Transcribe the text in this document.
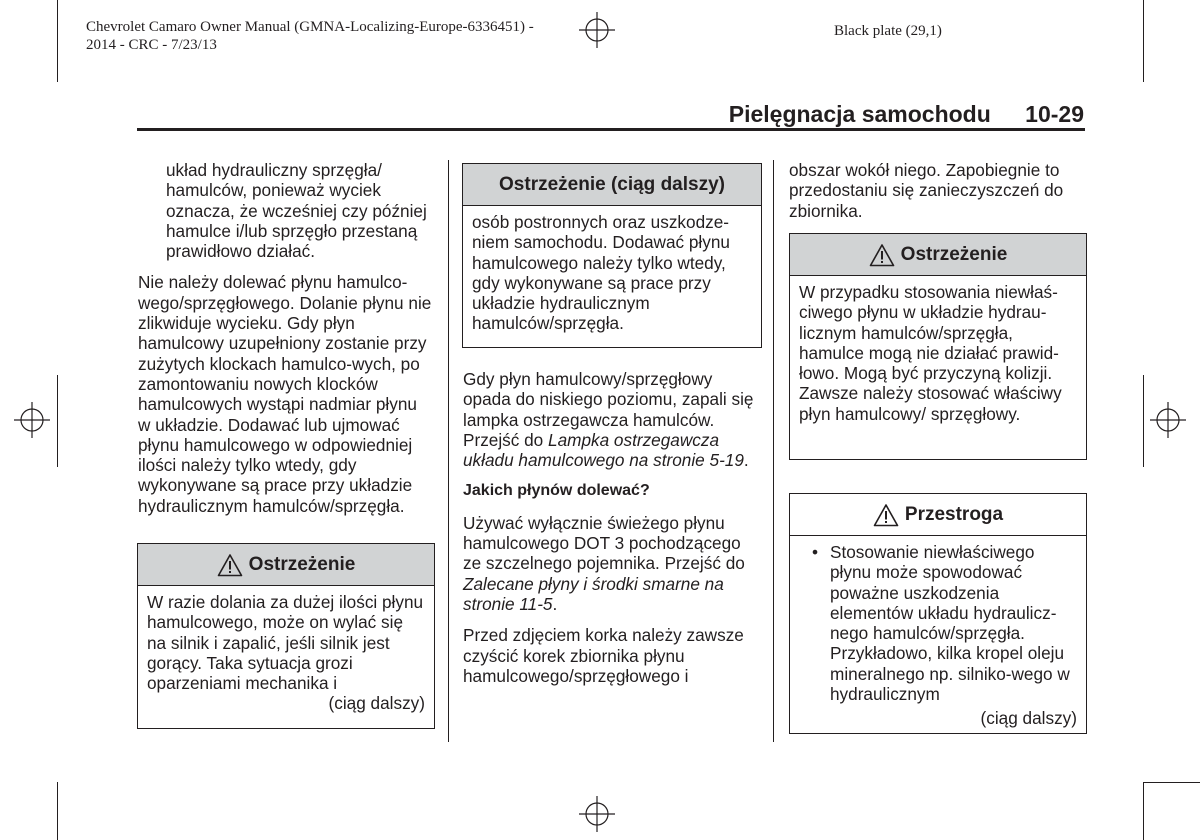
Chevrolet Camaro Owner Manual (GMNA-Localizing-Europe-6336451) -
2014 - CRC - 7/23/13
Black plate (29,1)
Pielęgnacja samochodu 10-29

układ hydrauliczny sprzęgła/ hamulców, ponieważ wyciek oznacza, że wcześniej czy później hamulce i/lub sprzęgło przestaną prawidłowo działać.

Nie należy dolewać płynu hamulco-wego/sprzęgłowego. Dolanie płynu nie zlikwiduje wycieku. Gdy płyn hamulcowy uzupełniony zostanie przy zużytych klockach hamulco-wych, po zamontowaniu nowych klocków hamulcowych wystąpi nadmiar płynu w układzie. Dodawać lub ujmować płynu hamulcowego w odpowiedniej ilości należy tylko wtedy, gdy wykonywane są prace przy układzie hydraulicznym hamulców/sprzęgła.

Ostrzeżenie
W razie dolania za dużej ilości płynu hamulcowego, może on wylać się na silnik i zapalić, jeśli silnik jest gorący. Taka sytuacja grozi oparzeniami mechanika i
(ciąg dalszy)
Ostrzeżenie (ciąg dalszy)
osób postronnych oraz uszkodze-niem samochodu. Dodawać płynu hamulcowego należy tylko wtedy, gdy wykonywane są prace przy układzie hydraulicznym hamulców/sprzęgła.

Gdy płyn hamulcowy/sprzęgłowy opada do niskiego poziomu, zapali się lampka ostrzegawcza hamulców. Przejść do Lampka ostrzegawcza układu hamulcowego na stronie 5-19.

Jakich płynów dolewać?

Używać wyłącznie świeżego płynu hamulcowego DOT 3 pochodzącego ze szczelnego pojemnika. Przejść do Zalecane płyny i środki smarne na stronie 11-5.

Przed zdjęciem korka należy zawsze czyścić korek zbiornika płynu hamulcowego/sprzęgłowego i

obszar wokół niego. Zapobiegnie to przedostaniu się zanieczyszczeń do zbiornika.

Ostrzeżenie
W przypadku stosowania niewłaś-ciwego płynu w układzie hydrau-licznym hamulców/sprzęgła, hamulce mogą nie działać prawid-łowo. Mogą być przyczyną kolizji. Zawsze należy stosować właściwy płyn hamulcowy/ sprzęgłowy.
Przestroga
• Stosowanie niewłaściwego płynu może spowodować poważne uszkodzenia elementów układu hydraulicz-nego hamulców/sprzęgła. Przykładowo, kilka kropel oleju mineralnego np. silniko-wego w hydraulicznym
(ciąg dalszy)
